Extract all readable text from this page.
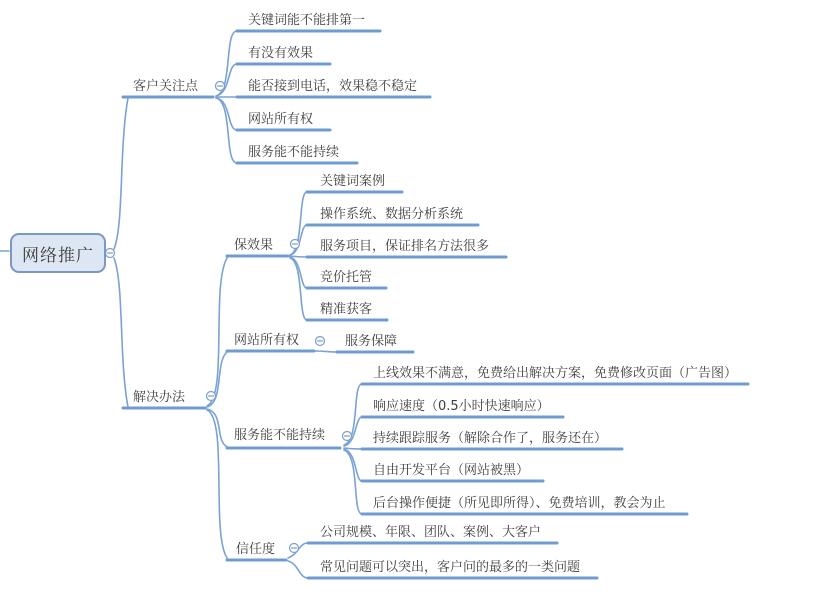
网络推广
客户关注点
关键词能不能排第一
有没有效果
能否接到电话，效果稳不稳定
网站所有权
服务能不能持续
解决办法
保效果
关键词案例
操作系统、数据分析系统
服务项目，保证排名方法很多
竞价托管
精准获客
网站所有权	服务保障
服务能不能持续
上线效果不满意，免费给出解决方案，免费修改页面（广告图）
响应速度（0.5小时快速响应）
持续跟踪服务（解除合作了，服务还在）
自由开发平台（网站被黑）
后台操作便捷（所见即所得）、免费培训，教会为止
信任度
公司规模、年限、团队、案例、大客户
常见问题可以突出，客户问的最多的一类问题
